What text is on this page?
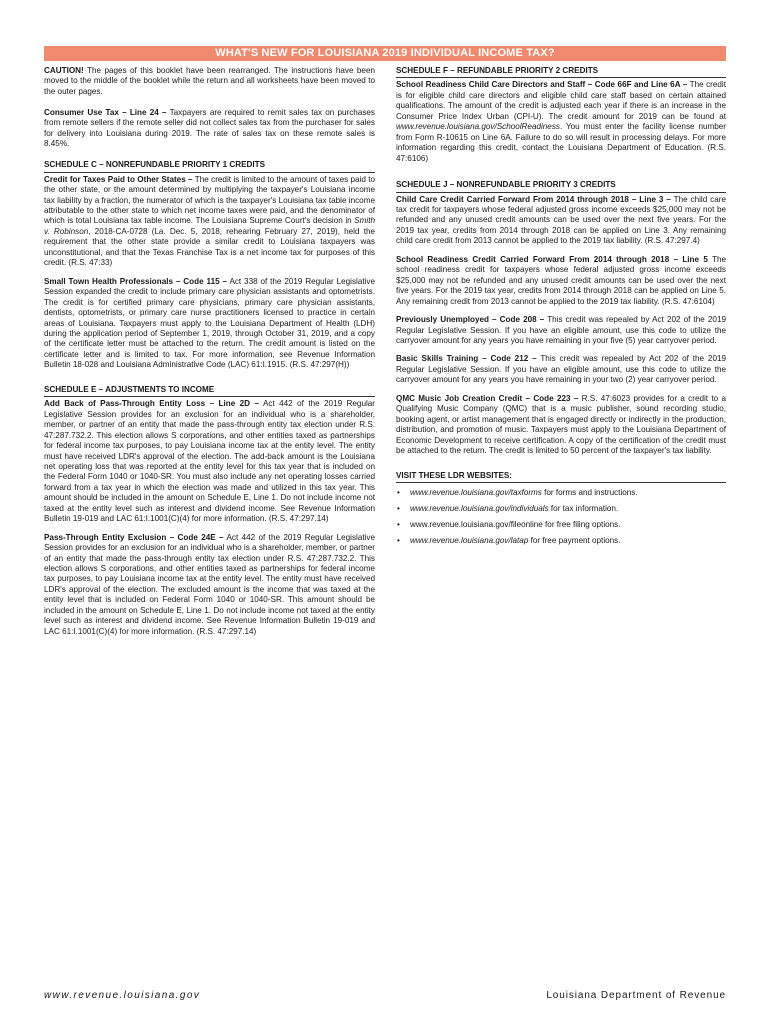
WHAT'S NEW FOR LOUISIANA 2019 INDIVIDUAL INCOME TAX?

CAUTION! The pages of this booklet have been rearranged. The instructions have been moved to the middle of the booklet while the return and all worksheets have been moved to the outer pages.

Consumer Use Tax – Line 24 – Taxpayers are required to remit sales tax on purchases from remote sellers if the remote seller did not collect sales tax from the purchaser for sales for delivery into Louisiana during 2019. The rate of sales tax on these remote sales is 8.45%.

SCHEDULE C – NONREFUNDABLE PRIORITY 1 CREDITS

Credit for Taxes Paid to Other States – The credit is limited to the amount of taxes paid to the other state, or the amount determined by multiplying the taxpayer's Louisiana income tax liability by a fraction, the numerator of which is the taxpayer's Louisiana tax table income attributable to the other state to which net income taxes were paid, and the denominator of which is total Louisiana tax table income. The Louisiana Supreme Court's decision in Smith v. Robinson, 2018-CA-0728 (La. Dec. 5, 2018, rehearing February 27, 2019), held the requirement that the other state provide a similar credit to Louisiana taxpayers was unconstitutional, and that the Texas Franchise Tax is a net income tax for purposes of this credit. (R.S. 47:33)

Small Town Health Professionals – Code 115 – Act 338 of the 2019 Regular Legislative Session expanded the credit to include primary care physician assistants and optometrists. The credit is for certified primary care physicians, primary care physician assistants, dentists, optometrists, or primary care nurse practitioners licensed to practice in certain areas of Louisiana. Taxpayers must apply to the Louisiana Department of Health (LDH) during the application period of September 1, 2019, through October 31, 2019, and a copy of the certificate letter must be attached to the return. The credit amount is listed on the certificate letter and is limited to tax. For more information, see Revenue Information Bulletin 18-028 and Louisiana Administrative Code (LAC) 61:I.1915. (R.S. 47:297(H))

SCHEDULE E – ADJUSTMENTS TO INCOME

Add Back of Pass-Through Entity Loss – Line 2D – Act 442 of the 2019 Regular Legislative Session provides for an exclusion for an individual who is a shareholder, member, or partner of an entity that made the pass-through entity tax election under R.S. 47:287.732.2. This election allows S corporations, and other entities taxed as partnerships for federal income tax purposes, to pay Louisiana income tax at the entity level. The entity must have received LDR's approval of the election. The add-back amount is the Louisiana net operating loss that was reported at the entity level for this tax year that is included on the Federal Form 1040 or 1040-SR. You must also include any net operating losses carried forward from a tax year in which the election was made and utilized in this tax year. This amount should be included in the amount on Schedule E, Line 1. Do not include income not taxed at the entity level such as interest and dividend income. See Revenue Information Bulletin 19-019 and LAC 61:I.1001(C)(4) for more information. (R.S. 47:297.14)

Pass-Through Entity Exclusion – Code 24E – Act 442 of the 2019 Regular Legislative Session provides for an exclusion for an individual who is a shareholder, member, or partner of an entity that made the pass-through entity tax election under R.S. 47:287.732.2. This election allows S corporations, and other entities taxed as partnerships for federal income tax purposes, to pay Louisiana income tax at the entity level. The entity must have received LDR's approval of the election. The excluded amount is the income that was taxed at the entity level that is included on Federal Form 1040 or 1040-SR. This amount should be included in the amount on Schedule E, Line 1. Do not include income not taxed at the entity level such as interest and dividend income. See Revenue Information Bulletin 19-019 and LAC 61:I.1001(C)(4) for more information. (R.S. 47:297.14)

SCHEDULE F – REFUNDABLE PRIORITY 2 CREDITS

School Readiness Child Care Directors and Staff – Code 66F and Line 6A – The credit is for eligible child care directors and eligible child care staff based on certain attained qualifications. The amount of the credit is adjusted each year if there is an increase in the Consumer Price Index Urban (CPI-U). The credit amount for 2019 can be found at www.revenue.louisiana.gov/SchoolReadiness. You must enter the facility license number from Form R-10615 on Line 6A. Failure to do so will result in processing delays. For more information regarding this credit, contact the Louisiana Department of Education. (R.S. 47:6106)

SCHEDULE J – NONREFUNDABLE PRIORITY 3 CREDITS

Child Care Credit Carried Forward From 2014 through 2018 – Line 3 – The child care tax credit for taxpayers whose federal adjusted gross income exceeds $25,000 may not be refunded and any unused credit amounts can be used over the next five years. For the 2019 tax year, credits from 2014 through 2018 can be applied on Line 3. Any remaining child care credit from 2013 cannot be applied to the 2019 tax liability. (R.S. 47:297.4)

School Readiness Credit Carried Forward From 2014 through 2018 – Line 5 The school readiness credit for taxpayers whose federal adjusted gross income exceeds $25,000 may not be refunded and any unused credit amounts can be used over the next five years. For the 2019 tax year, credits from 2014 through 2018 can be applied on Line 5. Any remaining credit from 2013 cannot be applied to the 2019 tax liability. (R.S. 47:6104)

Previously Unemployed – Code 208 – This credit was repealed by Act 202 of the 2019 Regular Legislative Session. If you have an eligible amount, use this code to utilize the carryover amount for any years you have remaining in your five (5) year carryover period.

Basic Skills Training – Code 212 – This credit was repealed by Act 202 of the 2019 Regular Legislative Session. If you have an eligible amount, use this code to utilize the carryover amount for any years you have remaining in your two (2) year carryover period.

QMC Music Job Creation Credit – Code 223 – R.S. 47:6023 provides for a credit to a Qualifying Music Company (QMC) that is a music publisher, sound recording studio, booking agent, or artist management that is engaged directly or indirectly in the production, distribution, and promotion of music. Taxpayers must apply to the Louisiana Department of Economic Development to receive certification. A copy of the certification of the credit must be attached to the return. The credit is limited to 50 percent of the taxpayer's tax liability.

VISIT THESE LDR WEBSITES:
• www.revenue.louisiana.gov/taxforms for forms and instructions.
• www.revenue.louisiana.gov/individuals for tax information.
• www.revenue.louisiana.gov/fileonline for free filing options.
• www.revenue.louisiana.gov/latap for free payment options.
www.revenue.louisiana.gov	Louisiana Department of Revenue
